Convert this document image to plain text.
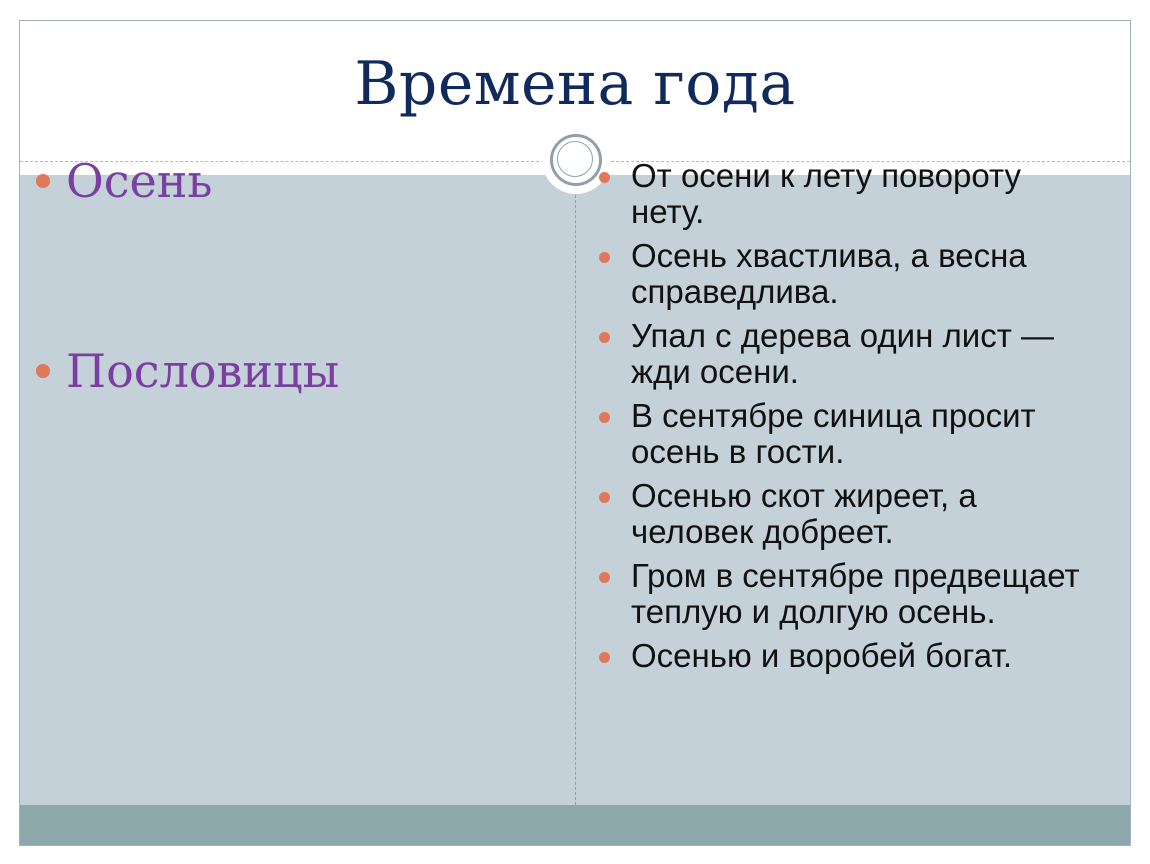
Времена года
Осень
Пословицы
От осени к лету повороту нету.
Осень хвастлива, а весна справедлива.
Упал с дерева один лист — жди осени.
В сентябре синица просит осень в гости.
Осенью скот жиреет, а человек добреет.
Гром в сентябре предвещает теплую и долгую осень.
Осенью и воробей богат.
